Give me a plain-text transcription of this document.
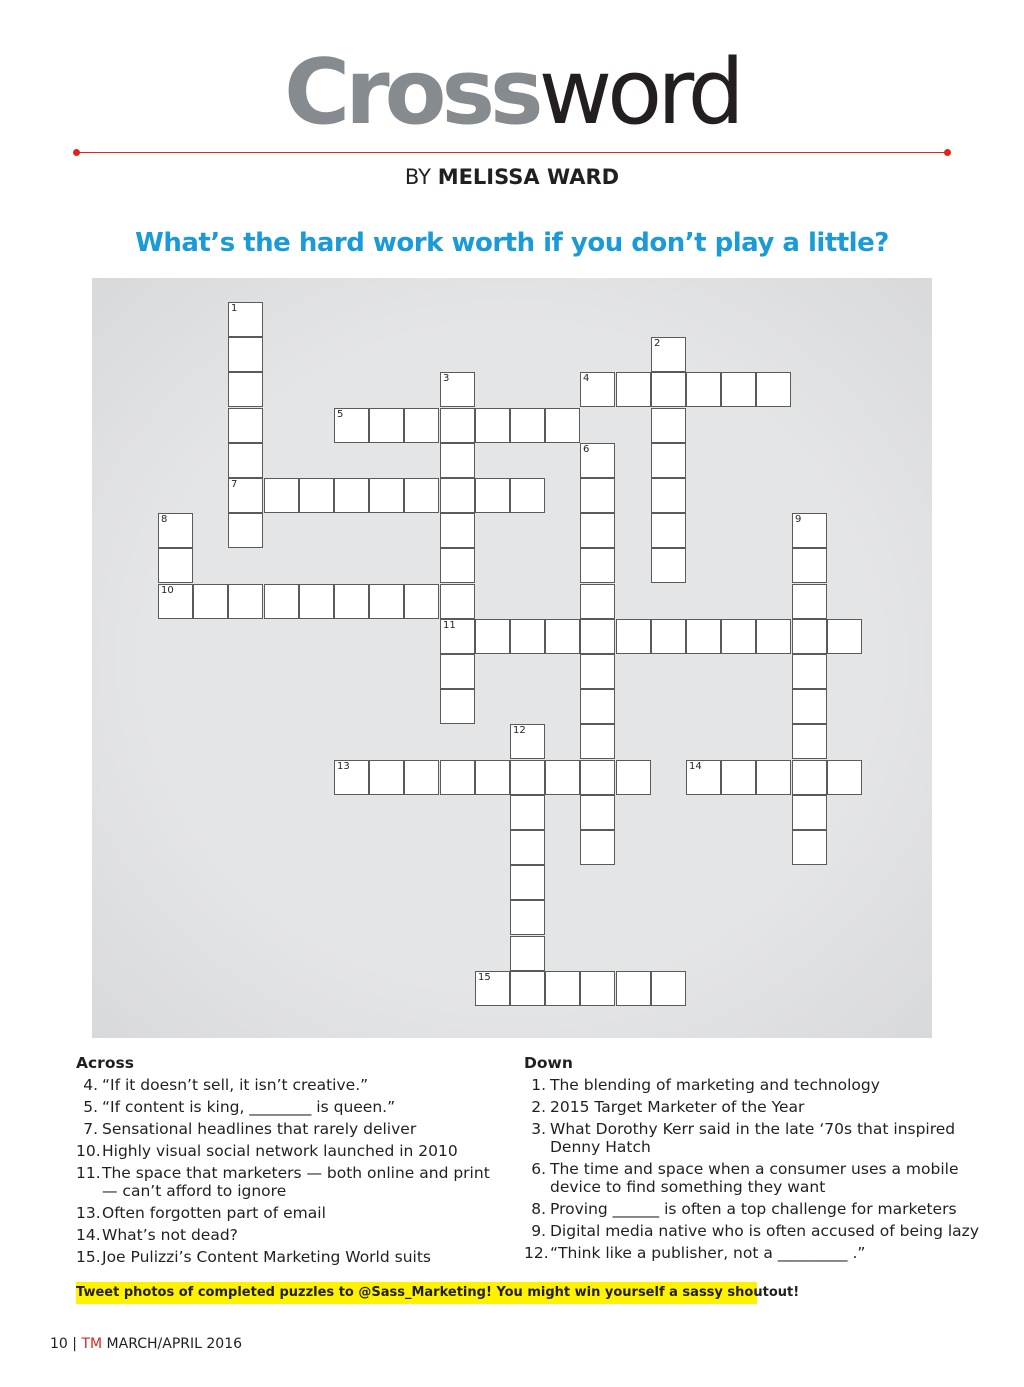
Crossword
BY MELISSA WARD
What’s the hard work worth if you don’t play a little?
1
7
2
3
11
4
5
6
8
10
9
12
13	14
15
Across
4. “If it doesn’t sell, it isn’t creative.”
5. “If content is king, ________ is queen.”
7. Sensational headlines that rarely deliver
10. Highly visual social network launched in 2010
11. The space that marketers — both online and print — can’t afford to ignore
13. Often forgotten part of email
14. What’s not dead?
15. Joe Pulizzi’s Content Marketing World suits
Down
1. The blending of marketing and technology
2. 2015 Target Marketer of the Year
3. What Dorothy Kerr said in the late ‘70s that inspired Denny Hatch
6. The time and space when a consumer uses a mobile device to find something they want
8. Proving ______ is often a top challenge for marketers
9. Digital media native who is often accused of being lazy
12. “Think like a publisher, not a _________ .”
Tweet photos of completed puzzles to @Sass_Marketing! You might win yourself a sassy shoutout!
10 | TM MARCH/APRIL 2016
